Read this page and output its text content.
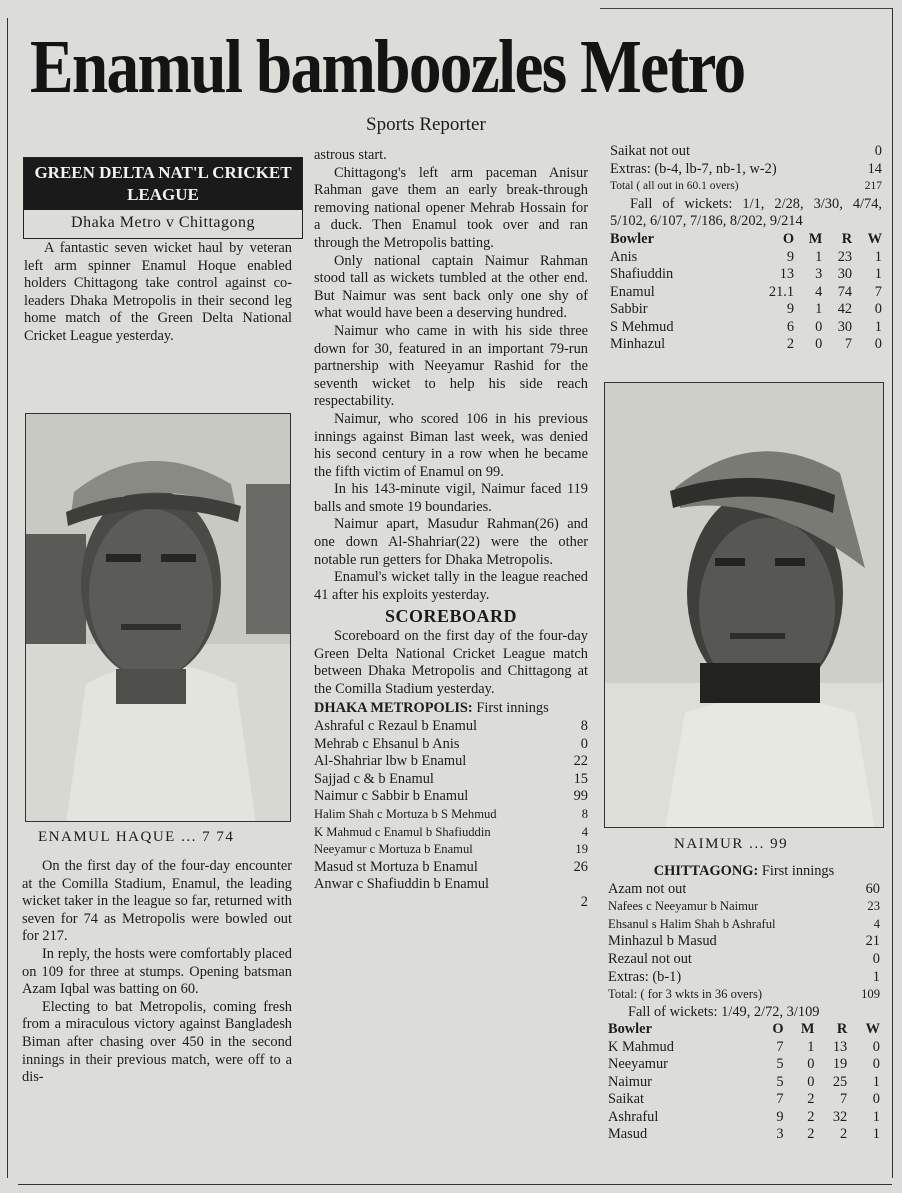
Enamul bamboozles Metro
Sports Reporter
GREEN DELTA NAT'L CRICKET LEAGUE
Dhaka Metro v Chittagong

A fantastic seven wicket haul by veteran left arm spinner Enamul Hoque enabled holders Chittagong take control against co-leaders Dhaka Metropolis in their second leg home match of the Green Delta National Cricket League yesterday.

ENAMUL HAQUE ... 7 74

On the first day of the four-day encounter at the Comilla Stadium, Enamul, the leading wicket taker in the league so far, returned with seven for 74 as Metropolis were bowled out for 217.

In reply, the hosts were comfortably placed on 109 for three at stumps. Opening batsman Azam Iqbal was batting on 60.

Electing to bat Metropolis, coming fresh from a miraculous victory against Bangladesh Biman after chasing over 450 in the second innings in their previous match, were off to a dis-

astrous start.

Chittagong's left arm paceman Anisur Rahman gave them an early break-through removing national opener Mehrab Hossain for a duck. Then Enamul took over and ran through the Metropolis batting.

Only national captain Naimur Rahman stood tall as wickets tumbled at the other end. But Naimur was sent back only one shy of what would have been a deserving hundred.

Naimur who came in with his side three down for 30, featured in an important 79-run partnership with Neeyamur Rashid for the seventh wicket to help his side reach respectability.

Naimur, who scored 106 in his previous innings against Biman last week, was denied his second century in a row when he became the fifth victim of Enamul on 99.

In his 143-minute vigil, Naimur faced 119 balls and smote 19 boundaries.

Naimur apart, Masudur Rahman(26) and one down Al-Shahriar(22) were the other notable run getters for Dhaka Metropolis.

Enamul's wicket tally in the league reached 41 after his exploits yesterday.

SCOREBOARD

Scoreboard on the first day of the four-day Green Delta National Cricket League match between Dhaka Metropolis and Chittagong at the Comilla Stadium yesterday.

DHAKA METROPOLIS: First innings
Ashraful c Rezaul b Enamul	8
Mehrab c Ehsanul b Anis	0
Al-Shahriar lbw b Enamul	22
Sajjad c & b Enamul	15
Naimur c Sabbir b Enamul	99
Halim Shah c Mortuza b S Mehmud	8
K Mahmud c Enamul b Shafiuddin	4
Neeyamur c Mortuza b Enamul	19
Masud st Mortuza b Enamul	26
Anwar c Shafiuddin b Enamul
2
Saikat not out	0
Extras: (b-4, lb-7, nb-1, w-2)	14
Total ( all out in 60.1 overs)	217

Fall of wickets: 1/1, 2/28, 3/30, 4/74, 5/102, 6/107, 7/186, 8/202, 9/214

Bowler	O	M	R	W
Anis	9	1	23	1
Shafiuddin	13	3	30	1
Enamul	21.1	4	74	7
Sabbir	9	1	42	0
S Mehmud	6	0	30	1
Minhazul	2	0	7	0
NAIMUR ... 99
CHITTAGONG: First innings
Azam not out	60
Nafees c Neeyamur b Naimur	23
Ehsanul s Halim Shah b Ashraful	4
Minhazul b Masud	21
Rezaul not out	0
Extras: (b-1)	1
Total: ( for 3 wkts in 36 overs)	109

Fall of wickets: 1/49, 2/72, 3/109

Bowler	O	M	R	W
K Mahmud	7	1	13	0
Neeyamur	5	0	19	0
Naimur	5	0	25	1
Saikat	7	2	7	0
Ashraful	9	2	32	1
Masud	3	2	2	1
